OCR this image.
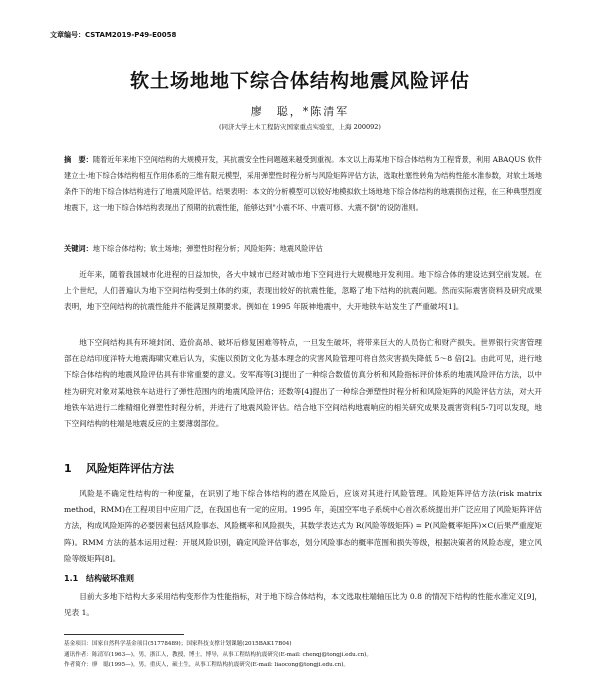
文章编号：CSTAM2019-P49-E0058
软土场地地下综合体结构地震风险评估
廖　聪，*陈清军
(同济大学土木工程防灾国家重点实验室，上海 200092)
摘　要：随着近年来地下空间结构的大规模开发，其抗震安全性问题越来越受到重视。本文以上海某地下综合体结构为工程背景，利用 ABAQUS 软件建立土-地下综合体结构相互作用体系的三维有限元模型，采用弹塑性时程分析与风险矩阵评估方法，选取杜塞性转角为结构性能水准参数，对软土场地条件下的地下综合体结构进行了地震风险评估。结果表明：本文的分析模型可以较好地模拟软土场地地下综合体结构的地震损伤过程，在三种典型烈度地震下，这一地下综合体结构表现出了预期的抗震性能，能够达到"小震不坏、中震可修、大震不倒"的设防准则。
关键词：地下综合体结构；软土场地；弹塑性时程分析；风险矩阵；地震风险评估
近年来，随着我国城市化进程的日益加快，各大中城市已经对城市地下空间进行大规模地开发利用。地下综合体的建设达到空前发展。在上个世纪，人们普遍认为地下空间结构受到土体的约束，表现出较好的抗震性能，忽略了地下结构的抗震问题。然而实际震害资料及研究成果表明，地下空间结构的抗震性能并不能满足预期要求。例如在 1995 年阪神地震中，大开地铁车站发生了严重破坏[1]。
地下空间结构具有环境封闭、造价高昂、破坏后修复困难等特点，一旦发生破坏，将带来巨大的人员伤亡和财产损失。世界银行灾害管理部在总结印度洋特大地震海啸灾难后认为，实施以预防文化为基本理念的灾害风险管理可将自然灾害损失降低 5～8 倍[2]。由此可见，进行地下综合体结构的地震风险评估具有非常重要的意义。安军海等[3]提出了一种综合数值仿真分析和风险指标评价体系的地震风险评估方法，以中桂为研究对象对某地铁车站进行了弹性范围内的地震风险评估；还数等[4]提出了一种综合弹塑性时程分析和风险矩阵的风险评估方法，对大开地铁车站进行二维精细化弹塑性时程分析，并进行了地震风险评估。结合地下空间结构地震响应的相关研究成果及震害资料[5-7]可以发现，地下空间结构的柱端是地震反应的主要薄弱部位。
1 风险矩阵评估方法
风险是不确定性结构的一种度量，在识别了地下综合体结构的潜在风险后，应该对其进行风险管理。风险矩阵评估方法(risk matrix method，RMM)在工程项目中应用广泛，在我国也有一定的应用。1995 年，美国空军电子系统中心首次系统提出并广泛应用了风险矩阵评估方法，构成风险矩阵的必要因素包括风险事态、风险概率和风险损失，其数学表达式为 R(风险等级矩阵) = P(风险概率矩阵)×C(后果严重度矩阵)。RMM 方法的基本运用过程：开展风险识别，确定风险评估事态，划分风险事态的概率范围和损失等级，根据决策者的风险态度，建立风险等级矩阵[8]。
1.1 结构破坏准则
目前大多地下结构大多采用结构变形作为性能指标，对于地下综合体结构，本文选取柱端轴压比为 0.8 的情况下结构的性能水准定义[9]，见表 1。
基金项目：国家自然科学基金项目(51778489)；国家科技支撑计划课题(2015BAK17B04)
通讯作者：陈清军(1963—)，男，浙江人，教授，博士，博导，从事工程结构抗震研究(E-mail: chenqj@tongji.edu.cn)。
作者简介：廖　聪(1995—)，男，重庆人，硕士生，从事工程结构抗震研究(E-mail: liaocong@tongji.edu.cn)。
